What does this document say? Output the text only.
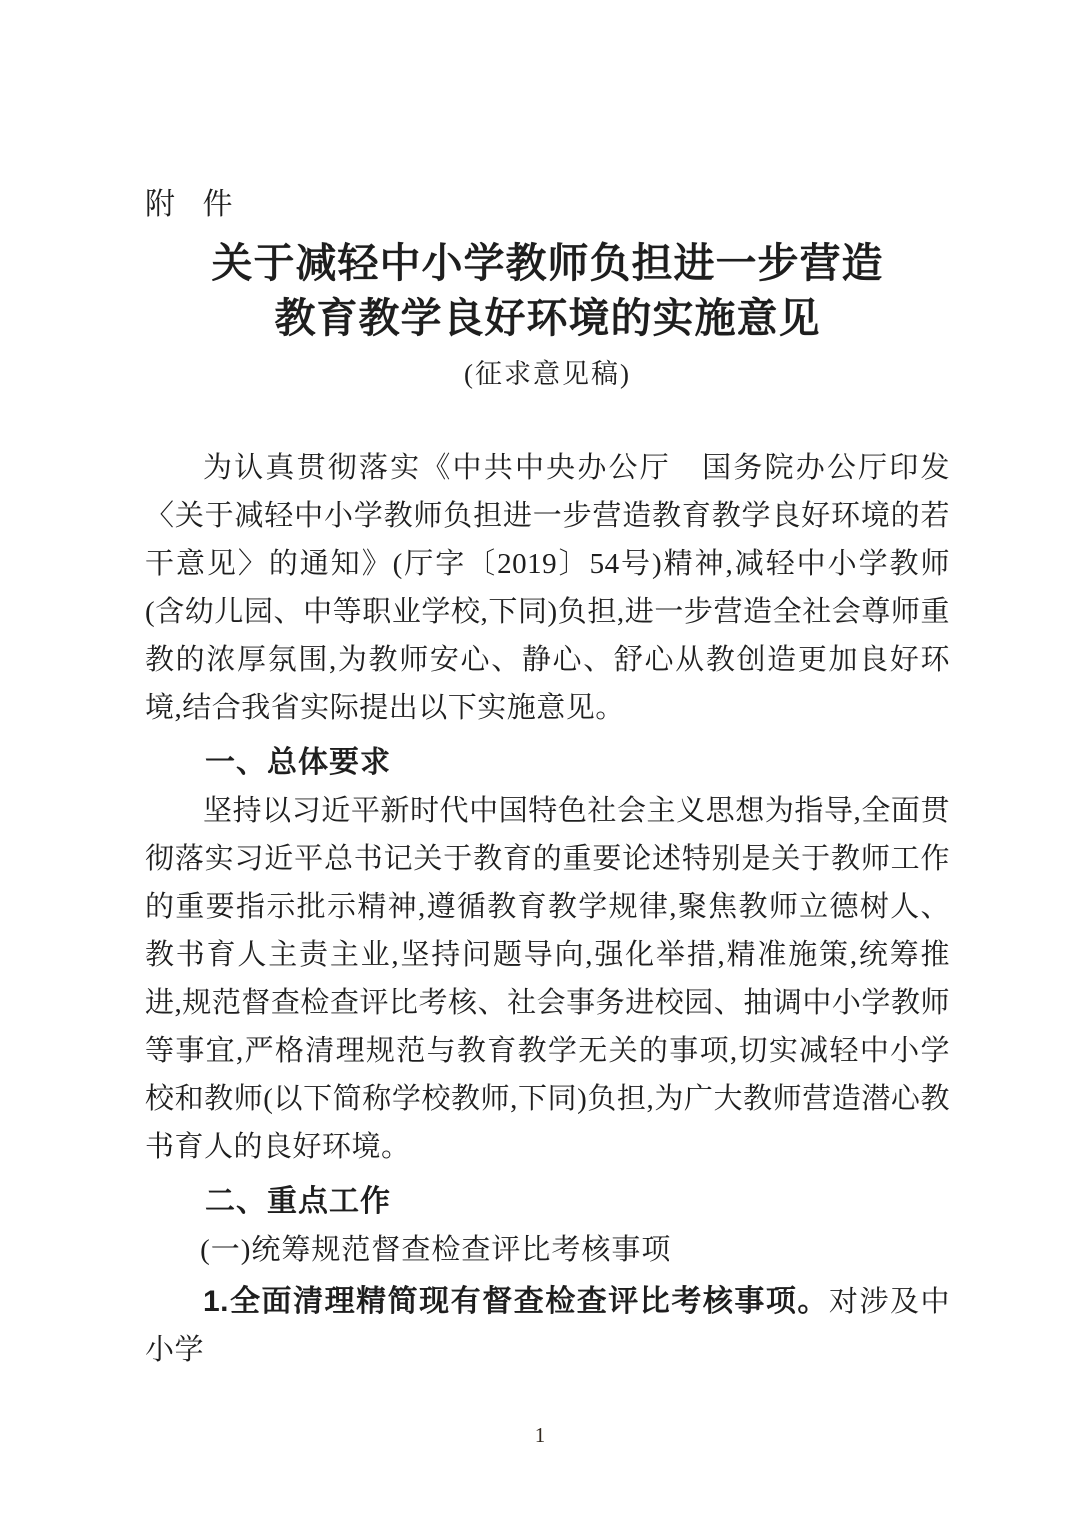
附 件
关于减轻中小学教师负担进一步营造
教育教学良好环境的实施意见
(征求意见稿)

为认真贯彻落实《中共中央办公厅　国务院办公厅印发〈关于减轻中小学教师负担进一步营造教育教学良好环境的若干意见〉的通知》(厅字〔2019〕54号)精神,减轻中小学教师(含幼儿园、中等职业学校,下同)负担,进一步营造全社会尊师重教的浓厚氛围,为教师安心、静心、舒心从教创造更加良好环境,结合我省实际提出以下实施意见。

一、总体要求

坚持以习近平新时代中国特色社会主义思想为指导,全面贯彻落实习近平总书记关于教育的重要论述特别是关于教师工作的重要指示批示精神,遵循教育教学规律,聚焦教师立德树人、教书育人主责主业,坚持问题导向,强化举措,精准施策,统筹推进,规范督查检查评比考核、社会事务进校园、抽调中小学教师等事宜,严格清理规范与教育教学无关的事项,切实减轻中小学校和教师(以下简称学校教师,下同)负担,为广大教师营造潜心教书育人的良好环境。

二、重点工作
(一)统筹规范督查检查评比考核事项

1.全面清理精简现有督查检查评比考核事项。对涉及中小学

1
